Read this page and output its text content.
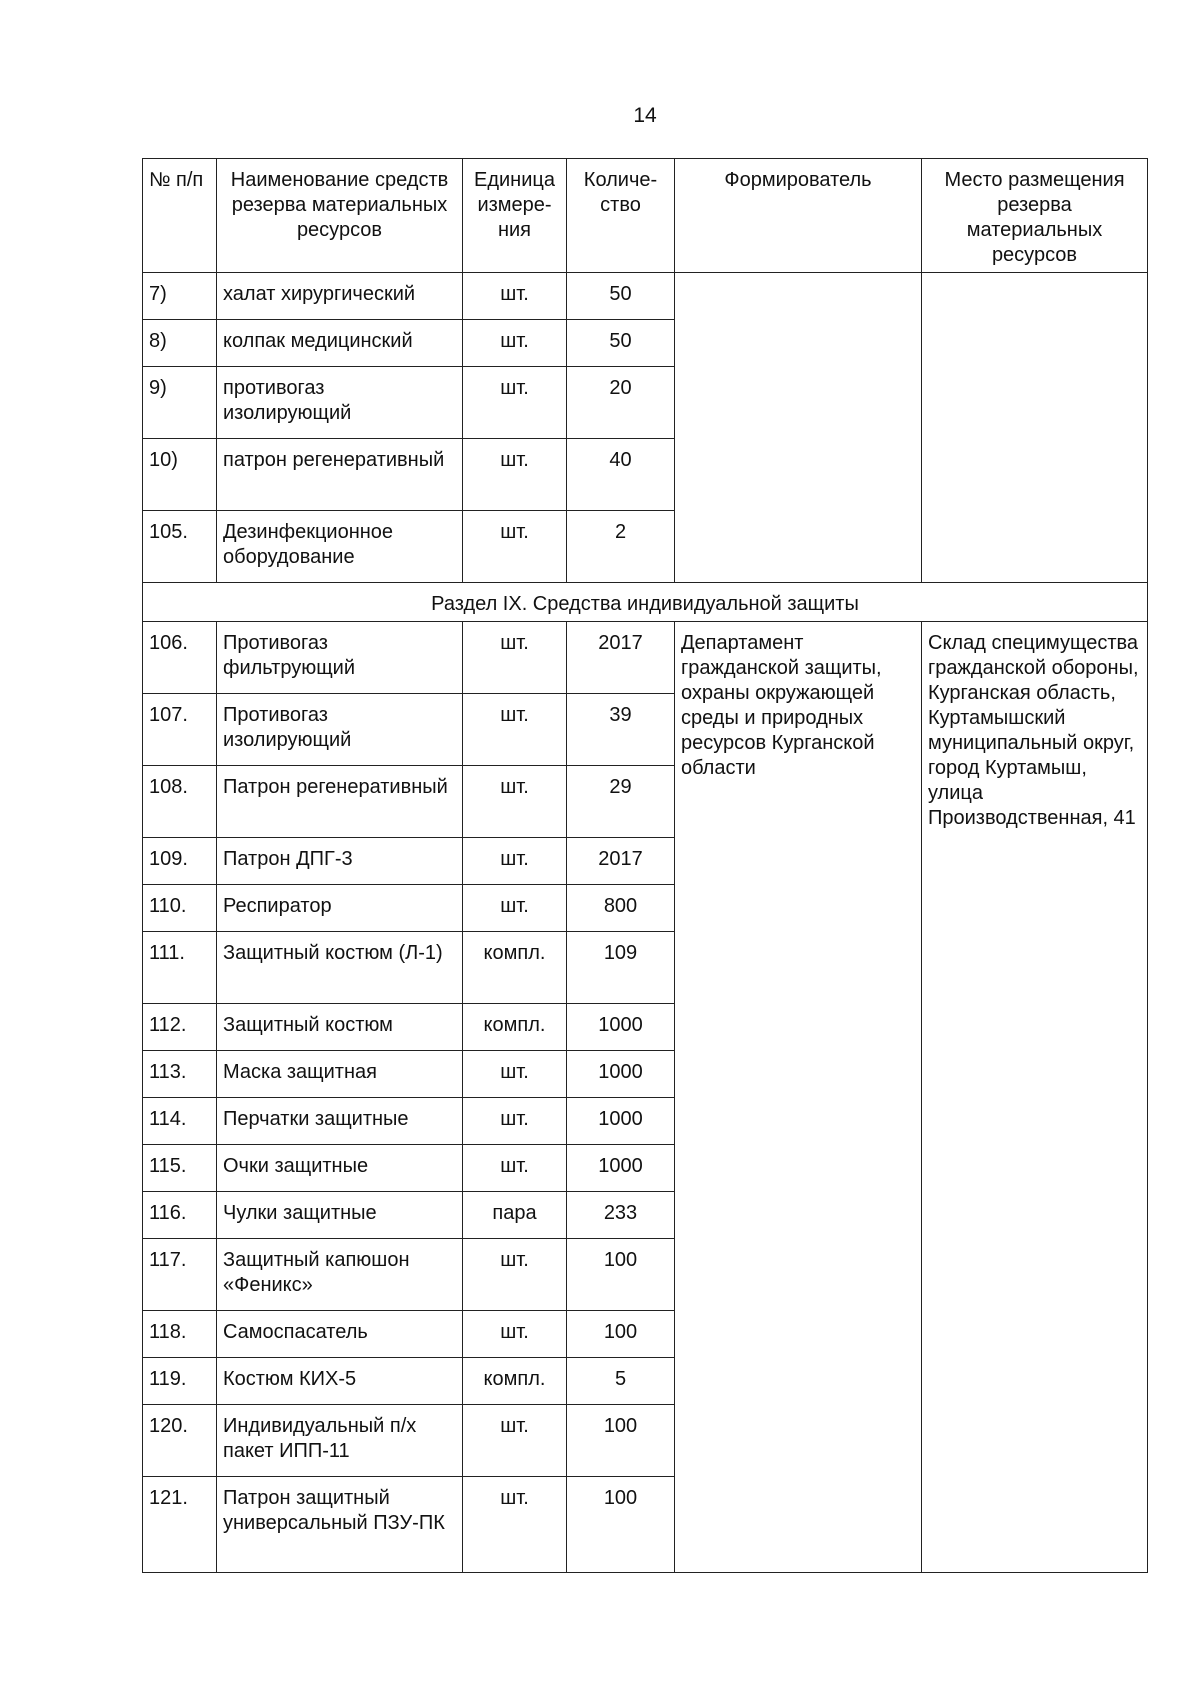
14
№ п/п	Наименование средств резерва материальных ресурсов	Единица измере-ния	Количе-ство	Формирователь	Место размещения резерва материальных ресурсов
7)	халат хирургический	шт.	50		
8)	колпак медицинский	шт.	50		
9)	противогаз изолирующий	шт.	20		
10)	патрон регенеративный	шт.	40		
105.	Дезинфекционное оборудование	шт.	2		
Раздел IX. Средства индивидуальной защиты					
106.	Противогаз фильтрующий	шт.	2017	Департамент гражданской защиты, охраны окружающей среды и природных ресурсов Курганской области	Склад специмущества гражданской обороны, Курганская область, Куртамышский муниципальный округ, город Куртамыш, улица Производственная, 41
107.	Противогаз изолирующий	шт.	39		
108.	Патрон регенеративный	шт.	29		
109.	Патрон ДПГ-3	шт.	2017		
110.	Респиратор	шт.	800		
111.	Защитный костюм (Л-1)	компл.	109		
112.	Защитный костюм	компл.	1000		
113.	Маска защитная	шт.	1000		
114.	Перчатки защитные	шт.	1000		
115.	Очки защитные	шт.	1000		
116.	Чулки защитные	пара	233		
117.	Защитный капюшон «Феникс»	шт.	100		
118.	Самоспасатель	шт.	100		
119.	Костюм КИХ-5	компл.	5		
120.	Индивидуальный п/х пакет ИПП-11	шт.	100		
121.	Патрон защитный универсальный ПЗУ-ПК	шт.	100		
